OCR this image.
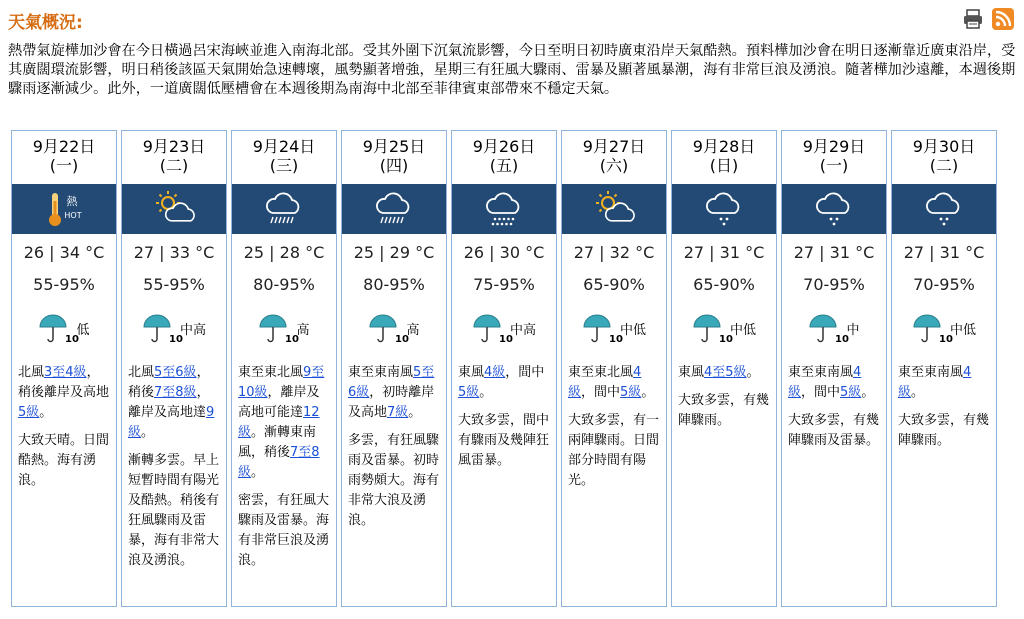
天氣概況:
熱帶氣旋樺加沙會在今日橫過呂宋海峽並進入南海北部。受其外圍下沉氣流影響，今日至明日初時廣東沿岸天氣酷熱。預料樺加沙會在明日逐漸靠近廣東沿岸，受其廣闊環流影響，明日稍後該區天氣開始急速轉壞，風勢顯著增強，星期三有狂風大驟雨、雷暴及顯著風暴潮，海有非常巨浪及湧浪。隨著樺加沙遠離，本週後期驟雨逐漸減少。此外，一道廣闊低壓槽會在本週後期為南海中北部至菲律賓東部帶來不穩定天氣。
9月22日
(一)
熱
HOT
26 | 34 °C
55-95%
10
低
北風3至4級，稍後離岸及高地5級。
大致天晴。日間酷熱。海有湧浪。
9月23日
(二)
27 | 33 °C
55-95%
10
中高
北風5至6級，稍後7至8級，離岸及高地達9級。
漸轉多雲。早上短暫時間有陽光及酷熱。稍後有狂風驟雨及雷暴，海有非常大浪及湧浪。
9月24日
(三)
25 | 28 °C
80-95%
10
高
東至東北風9至10級，離岸及高地可能達12級。漸轉東南風，稍後7至8級。
密雲，有狂風大驟雨及雷暴。海有非常巨浪及湧浪。
9月25日
(四)
25 | 29 °C
80-95%
10
高
東至東南風5至6級，初時離岸及高地7級。
多雲，有狂風驟雨及雷暴。初時雨勢頗大。海有非常大浪及湧浪。
9月26日
(五)
26 | 30 °C
75-95%
10
中高
東風4級，間中5級。
大致多雲，間中有驟雨及幾陣狂風雷暴。
9月27日
(六)
27 | 32 °C
65-90%
10
中低
東至東北風4級，間中5級。
大致多雲，有一兩陣驟雨。日間部分時間有陽光。
9月28日
(日)
27 | 31 °C
65-90%
10
中低
東風4至5級。
大致多雲，有幾陣驟雨。
9月29日
(一)
27 | 31 °C
70-95%
10
中
東至東南風4級，間中5級。
大致多雲，有幾陣驟雨及雷暴。
9月30日
(二)
27 | 31 °C
70-95%
10
中低
東至東南風4級。
大致多雲，有幾陣驟雨。
